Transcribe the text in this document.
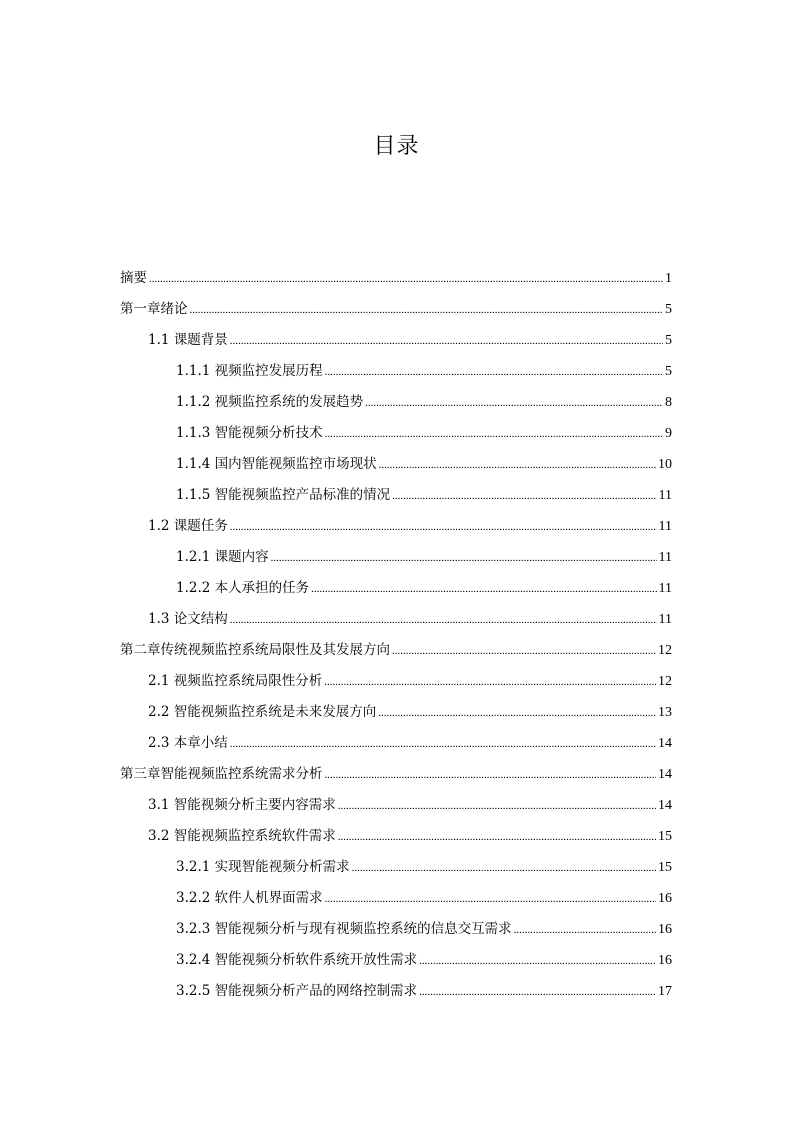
目录
摘要 .....	1
第一章绪论 .....	5
1.1 课题背景 .....	5
1.1.1 视频监控发展历程 .....	5
1.1.2 视频监控系统的发展趋势 .....	8
1.1.3 智能视频分析技术 .....	9
1.1.4 国内智能视频监控市场现状 .....	10
1.1.5 智能视频监控产品标准的情况 .....	11
1.2 课题任务 .....	11
1.2.1 课题内容 .....	11
1.2.2 本人承担的任务 .....	11
1.3 论文结构 .....	11
第二章传统视频监控系统局限性及其发展方向 .....	12
2.1 视频监控系统局限性分析 .....	12
2.2 智能视频监控系统是未来发展方向 .....	13
2.3 本章小结 .....	14
第三章智能视频监控系统需求分析 .....	14
3.1 智能视频分析主要内容需求 .....	14
3.2 智能视频监控系统软件需求 .....	15
3.2.1 实现智能视频分析需求 .....	15
3.2.2 软件人机界面需求 .....	16
3.2.3 智能视频分析与现有视频监控系统的信息交互需求 .....	16
3.2.4 智能视频分析软件系统开放性需求 .....	16
3.2.5 智能视频分析产品的网络控制需求 .....	17
